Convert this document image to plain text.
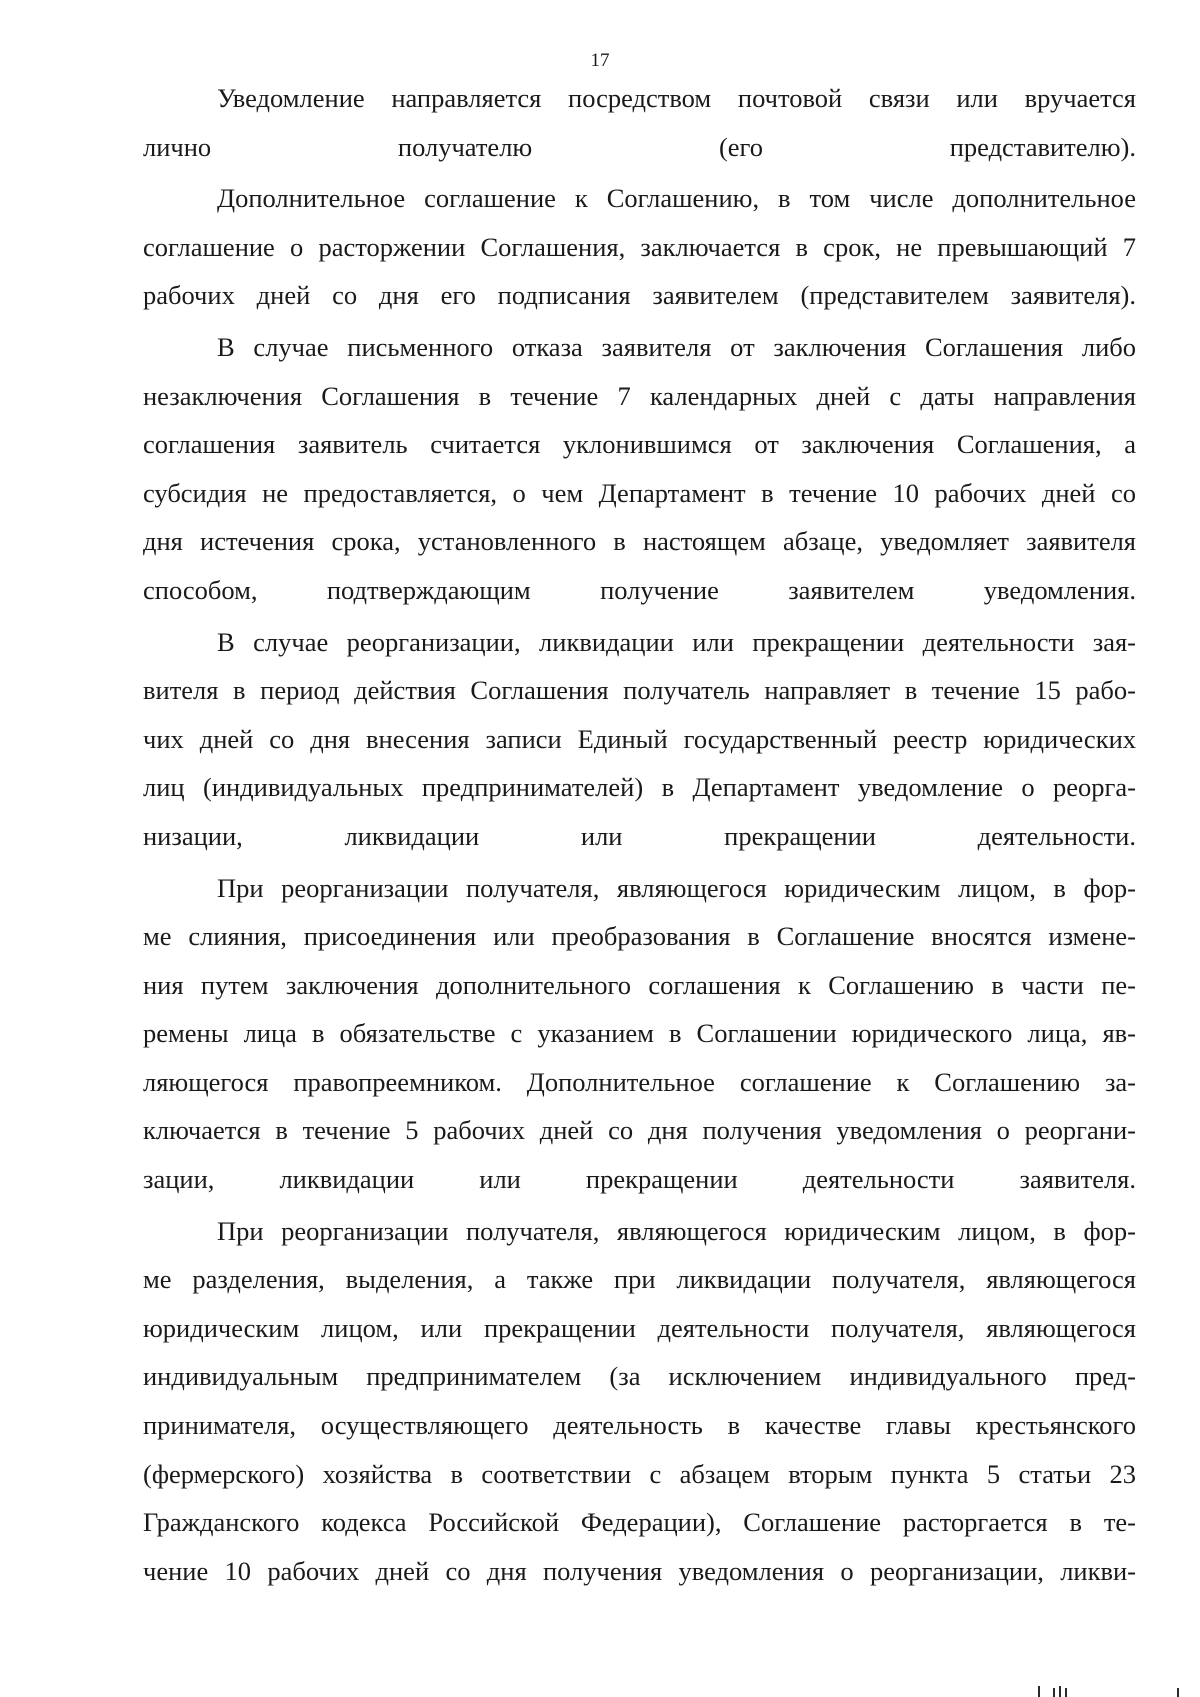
17

Уведомление направляется посредством почтовой связи или вручается
лично получателю (его представителю).

Дополнительное соглашение к Соглашению, в том числе дополнительное
соглашение о расторжении Соглашения, заключается в срок, не превышающий 7
рабочих дней со дня его подписания заявителем (представителем заявителя).

В случае письменного отказа заявителя от заключения Соглашения либо
незаключения Соглашения в течение 7 календарных дней с даты направления
соглашения заявитель считается уклонившимся от заключения Соглашения, а
субсидия не предоставляется, о чем Департамент в течение 10 рабочих дней со
дня истечения срока, установленного в настоящем абзаце, уведомляет заявителя
способом, подтверждающим получение заявителем уведомления.

В случае реорганизации, ликвидации или прекращении деятельности зая-
вителя в период действия Соглашения получатель направляет в течение 15 рабо-
чих дней со дня внесения записи Единый государственный реестр юридических
лиц (индивидуальных предпринимателей) в Департамент уведомление о реорга-
низации, ликвидации или прекращении деятельности.

При реорганизации получателя, являющегося юридическим лицом, в фор-
ме слияния, присоединения или преобразования в Соглашение вносятся измене-
ния путем заключения дополнительного соглашения к Соглашению в части пе-
ремены лица в обязательстве с указанием в Соглашении юридического лица, яв-
ляющегося правопреемником. Дополнительное соглашение к Соглашению за-
ключается в течение 5 рабочих дней со дня получения уведомления о реоргани-
зации, ликвидации или прекращении деятельности заявителя.

При реорганизации получателя, являющегося юридическим лицом, в фор-
ме разделения, выделения, а также при ликвидации получателя, являющегося
юридическим лицом, или прекращении деятельности получателя, являющегося
индивидуальным предпринимателем (за исключением индивидуального пред-
принимателя, осуществляющего деятельность в качестве главы крестьянского
(фермерского) хозяйства в соответствии с абзацем вторым пункта 5 статьи 23
Гражданского кодекса Российской Федерации), Соглашение расторгается в те-
чение 10 рабочих дней со дня получения уведомления о реорганизации, ликви-
